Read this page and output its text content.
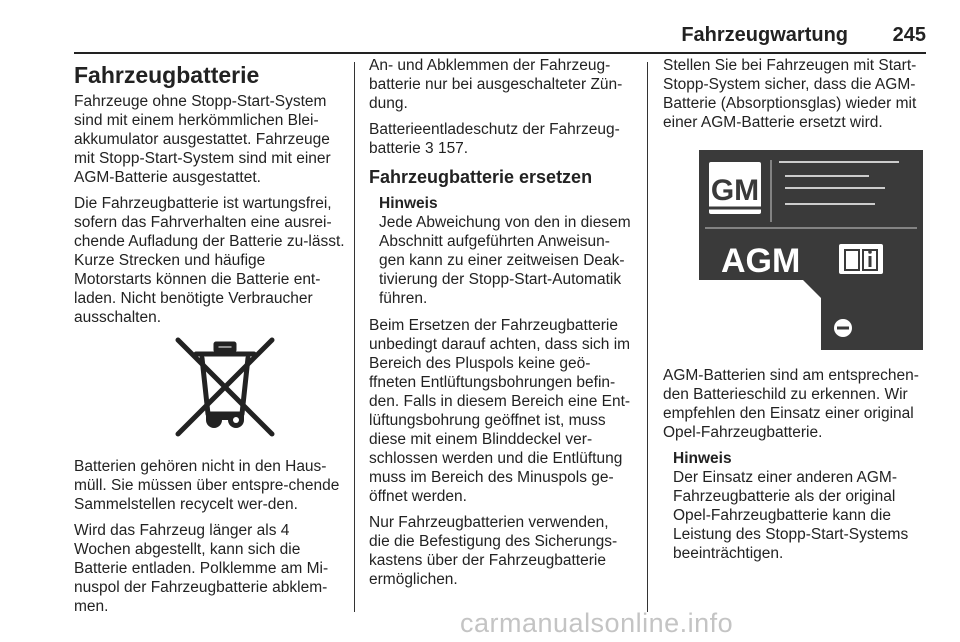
Fahrzeugwartung 245
Fahrzeugbatterie

Fahrzeuge ohne Stopp-Start-System sind mit einem herkömmlichen Blei-akkumulator ausgestattet. Fahrzeuge mit Stopp-Start-System sind mit einer AGM-Batterie ausgestattet.

Die Fahrzeugbatterie ist wartungsfrei, sofern das Fahrverhalten eine ausrei-chende Aufladung der Batterie zu-lässt. Kurze Strecken und häufige Motorstarts können die Batterie ent-laden. Nicht benötigte Verbraucher ausschalten.

Batterien gehören nicht in den Haus-müll. Sie müssen über entspre-chende Sammelstellen recycelt wer-den.

Wird das Fahrzeug länger als 4 Wochen abgestellt, kann sich die Batterie entladen. Polklemme am Mi-nuspol der Fahrzeugbatterie abklem-men.

An- und Abklemmen der Fahrzeug-batterie nur bei ausgeschalteter Zün-dung.

Batterieentladeschutz der Fahrzeug-batterie 3 157.

Fahrzeugbatterie ersetzen
Hinweis
Jede Abweichung von den in diesem Abschnitt aufgeführten Anweisun-gen kann zu einer zeitweisen Deak-tivierung der Stopp-Start-Automatik führen.

Beim Ersetzen der Fahrzeugbatterie unbedingt darauf achten, dass sich im Bereich des Pluspols keine geö-ffneten Entlüftungsbohrungen befin-den. Falls in diesem Bereich eine Ent-lüftungsbohrung geöffnet ist, muss diese mit einem Blinddeckel ver-schlossen werden und die Entlüftung muss im Bereich des Minuspols ge-öffnet werden.

Nur Fahrzeugbatterien verwenden, die die Befestigung des Sicherungs-kastens über der Fahrzeugbatterie ermöglichen.

Stellen Sie bei Fahrzeugen mit Start-Stopp-System sicher, dass die AGM-Batterie (Absorptionsglas) wieder mit einer AGM-Batterie ersetzt wird.

GM
AGM

AGM-Batterien sind am entsprechen-den Batterieschild zu erkennen. Wir empfehlen den Einsatz einer original Opel-Fahrzeugbatterie.

Hinweis
Der Einsatz einer anderen AGM-Fahrzeugbatterie als der original Opel-Fahrzeugbatterie kann die Leistung des Stopp-Start-Systems beeinträchtigen.
carmanualsonline.info
